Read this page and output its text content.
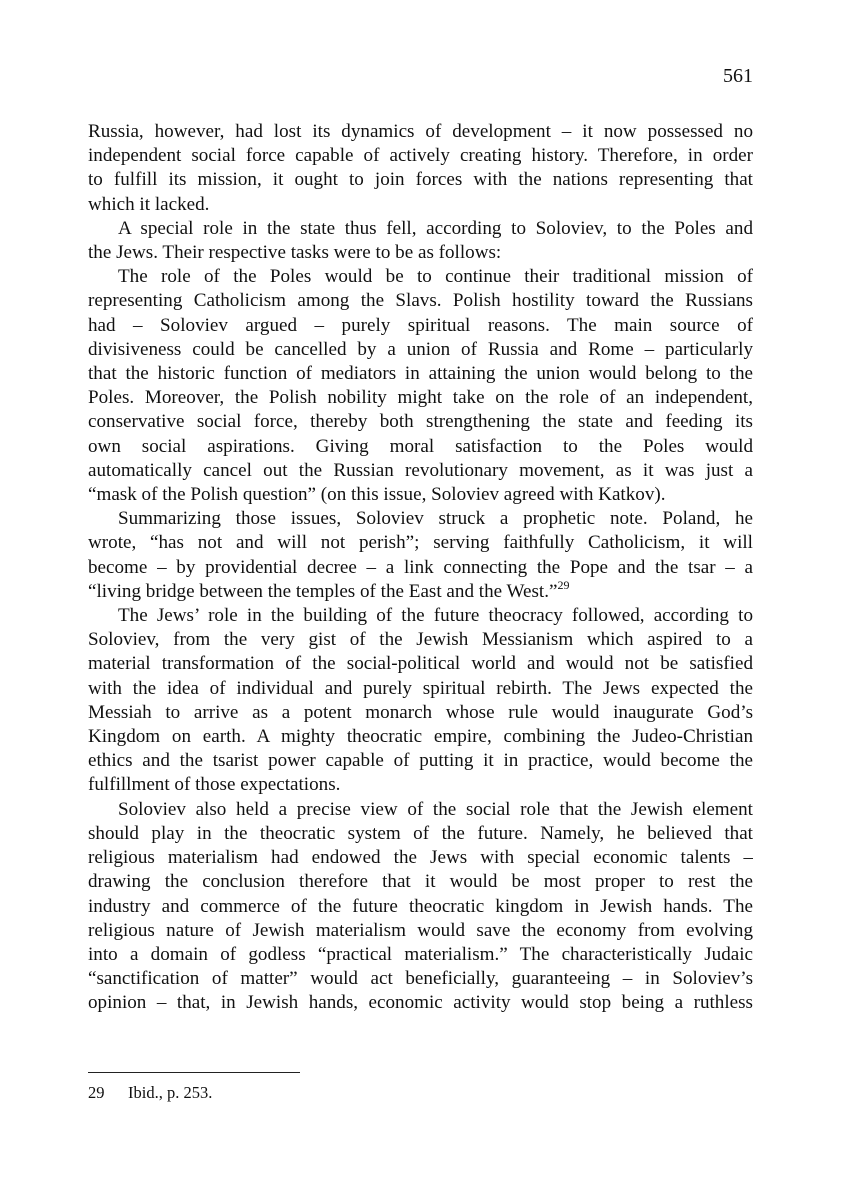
561
Russia, however, had lost its dynamics of development – it now possessed no
independent social force capable of actively creating history. Therefore, in order
to fulfill its mission, it ought to join forces with the nations representing that
which it lacked.
A special role in the state thus fell, according to Soloviev, to the Poles and
the Jews. Their respective tasks were to be as follows:
The role of the Poles would be to continue their traditional mission of
representing Catholicism among the Slavs. Polish hostility toward the Russians
had – Soloviev argued – purely spiritual reasons. The main source of
divisiveness could be cancelled by a union of Russia and Rome – particularly
that the historic function of mediators in attaining the union would belong to the
Poles. Moreover, the Polish nobility might take on the role of an independent,
conservative social force, thereby both strengthening the state and feeding its
own social aspirations. Giving moral satisfaction to the Poles would
automatically cancel out the Russian revolutionary movement, as it was just a
“mask of the Polish question” (on this issue, Soloviev agreed with Katkov).
Summarizing those issues, Soloviev struck a prophetic note. Poland, he
wrote, “has not and will not perish”; serving faithfully Catholicism, it will
become – by providential decree – a link connecting the Pope and the tsar – a
“living bridge between the temples of the East and the West.”$^{29}$
The Jews’ role in the building of the future theocracy followed, according to
Soloviev, from the very gist of the Jewish Messianism which aspired to a
material transformation of the social-political world and would not be satisfied
with the idea of individual and purely spiritual rebirth. The Jews expected the
Messiah to arrive as a potent monarch whose rule would inaugurate God’s
Kingdom on earth. A mighty theocratic empire, combining the Judeo-Christian
ethics and the tsarist power capable of putting it in practice, would become the
fulfillment of those expectations.
Soloviev also held a precise view of the social role that the Jewish element
should play in the theocratic system of the future. Namely, he believed that
religious materialism had endowed the Jews with special economic talents –
drawing the conclusion therefore that it would be most proper to rest the
industry and commerce of the future theocratic kingdom in Jewish hands. The
religious nature of Jewish materialism would save the economy from evolving
into a domain of godless “practical materialism.” The characteristically Judaic
“sanctification of matter” would act beneficially, guaranteeing – in Soloviev’s
opinion – that, in Jewish hands, economic activity would stop being a ruthless
29 Ibid., p. 253.
